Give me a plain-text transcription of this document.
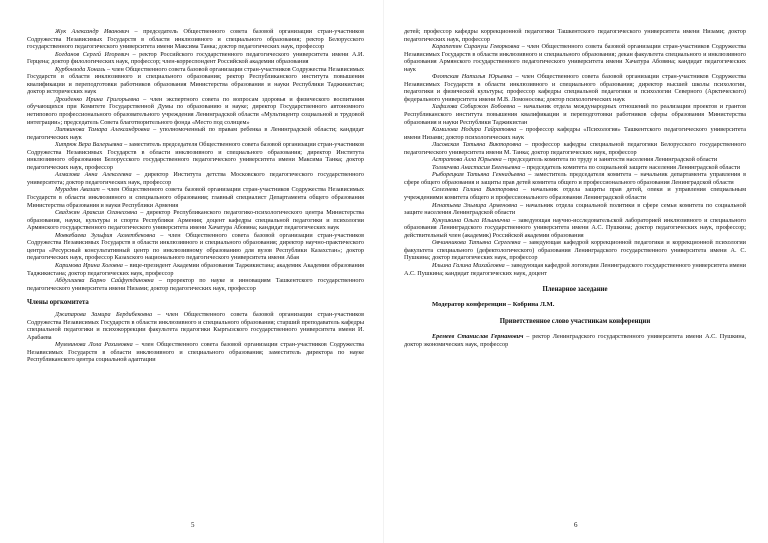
Жук Александр Иванович – председатель Общественного совета базовой организации стран-участников Содружества Независимых Государств в области инклюзивного и специального образования; ректор Белорусского государственного педагогического университета имени Максима Танка; доктор педагогических наук, профессор

Богданов Сергей Игоревич – ректор Российского государственного педагогического университета имени А.И. Герцена; доктор филологических наук, профессор; член-корреспондент Российской академии образования

Курбонзода Хональ – член Общественного совета базовой организации стран-участников Содружества Независимых Государств в области инклюзивного и специального образования; ректор Республиканского института повышения квалификации и переподготовки работников образования Министерства образования и науки Республики Таджикистан; доктор исторических наук

Дрозденко Ирина Григорьевна – член экспертного совета по вопросам здоровья и физического воспитания обучающихся при Комитете Государственной Думы по образованию и науке; директор Государственного автономного нетипового профессионального образовательного учреждения Ленинградской области «Мультицентр социальной и трудовой интеграции»; председатель Совета благотворительного фонда «Место под солнцем»

Литвинова Тамара Александровна – уполномоченный по правам ребенка в Ленинградской области; кандидат педагогических наук

Хитрюк Вера Валерьевна – заместитель председателя Общественного совета базовой организации стран-участников Содружества Независимых Государств в области инклюзивного и специального образования; директор Института инклюзивного образования Белорусского государственного педагогического университета имени Максима Танка; доктор педагогических наук, профессор

Алмазова Анна Алексеевна – директор Института детства Московского педагогического государственного университета; доктор педагогических наук, профессор

Мурадян Авазит – член Общественного совета базовой организации стран-участников Содружества Независимых Государств в области инклюзивного и специального образования; главный специалист Департамента общего образования Министерства образования и науки Республики Армения

Сваджян Араксия Оганесовна – директор Республиканского педагогико-психологического центра Министерства образования, науки, культуры и спорта Республики Армения; доцент кафедры специальной педагогики и психологии Армянского государственного педагогического университета имени Хачатура Абовяна; кандидат педагогических наук

Мовкебаева Зульфия Ахметбековна – член Общественного совета базовой организации стран-участников Содружества Независимых Государств в области инклюзивного и специального образования; директор научно-практического центра «Ресурсный консультативный центр по инклюзивному образованию для вузов Республики Казахстан»; доктор педагогических наук, профессор Казахского национального педагогического университета имени Абая

Каримова Ирина Холовна – вице-президент Академии образования Таджикистана; академик Академии образования Таджикистана; доктор педагогических наук, профессор

Абдуллаева Барно Сайфутдиновна – проректор по науке и инновациям Ташкентского государственного педагогического университета имени Низами; доктор педагогических наук, профессор

Члены оргкомитета

Джапарова Замира Бердибековна – член Общественного совета базовой организации стран-участников Содружества Независимых Государств в области инклюзивного и специального образования; старший преподаватель кафедры специальной педагогики и психокоррекции факультета педагогики Кыргызского государственного университета имени И. Арабаева

Мумминова Лола Рахимовна – член Общественного совета базовой организации стран-участников Содружества Независимых Государств в области инклюзивного и специального образования; заместитель директора по науке Республиканского центра социальной адаптации

5

детей; профессор кафедры коррекционной педагогики Ташкентского педагогического университета имени Низами; доктор педагогических наук, профессор

Карапетян Сирануш Геворковна – член Общественного совета базовой организации стран-участников Содружества Независимых Государств в области инклюзивного и специального образования; декан факультета специального и инклюзивного образования Армянского государственного педагогического университета имени Хачатура Абовяна; кандидат педагогических наук

Флотская Наталья Юрьевна – член Общественного совета базовой организации стран-участников Содружества Независимых Государств в области инклюзивного и специального образования; директор высшей школы психологии, педагогики и физической культуры; профессор кафедры специальной педагогики и психологии Северного (Арктического) федерального университета имени М.В. Ломоносова; доктор психологических наук

Хафизова Собиржон Бобоевна – начальник отдела международных отношений по реализации проектов и грантов Республиканского института повышения квалификации и переподготовки работников сферы образования Министерства образования и науки Республики Таджикистан

Камилова Нодира Гайратовна – профессор кафедры «Психология» Ташкентского педагогического университета имени Низами; доктор психологических наук

Лисовская Татьяна Викторовна – профессор кафедры специальной педагогики Белорусского государственного педагогического университета имени М. Танка; доктор педагогических наук, профессор

Астратова Алла Юрьевна – председатель комитета по труду и занятости населения Ленинградской области

Толмачева Анастасия Евгеньевна – председатель комитета по социальной защите населения Ленинградской области

Рыборецкая Татьяна Геннадьевна – заместитель председателя комитета – начальник департамента управления в сфере общего образования и защиты прав детей комитета общего и профессионального образования Ленинградской области

Селезнева Галина Викторовна – начальник отдела защиты прав детей, опеки и управления специальным учреждениями комитета общего и профессионального образования Ленинградской области

Игнатьева Эльмира Арменовна – начальник отдела социальной политики в сфере семьи комитета по социальной защите населения Ленинградской области

Кукушкина Ольга Ильинична – заведующая научно-исследовательской лабораторией инклюзивного и специального образования Ленинградского государственного университета имени А.С. Пушкина; доктор педагогических наук, профессор; действительный член (академик) Российской академии образования

Овчинникова Татьяна Сергеевна – заведующая кафедрой коррекционной педагогики и коррекционной психологии факультета специального (дефектологического) образования Ленинградского государственного университета имени А. С. Пушкина; доктор педагогических наук, профессор

Ильина Галина Михайловна – заведующая кафедрой логопедии Ленинградского государственного университета имени А.С. Пушкина; кандидат педагогических наук, доцент

Пленарное заседание
Модератор конференции – Кобрина Л.М.
Приветственное слово участникам конференции

Еремеев Станислав Германович – ректор Ленинградского государственного университета имени А.С. Пушкина, доктор экономических наук, профессор

6
